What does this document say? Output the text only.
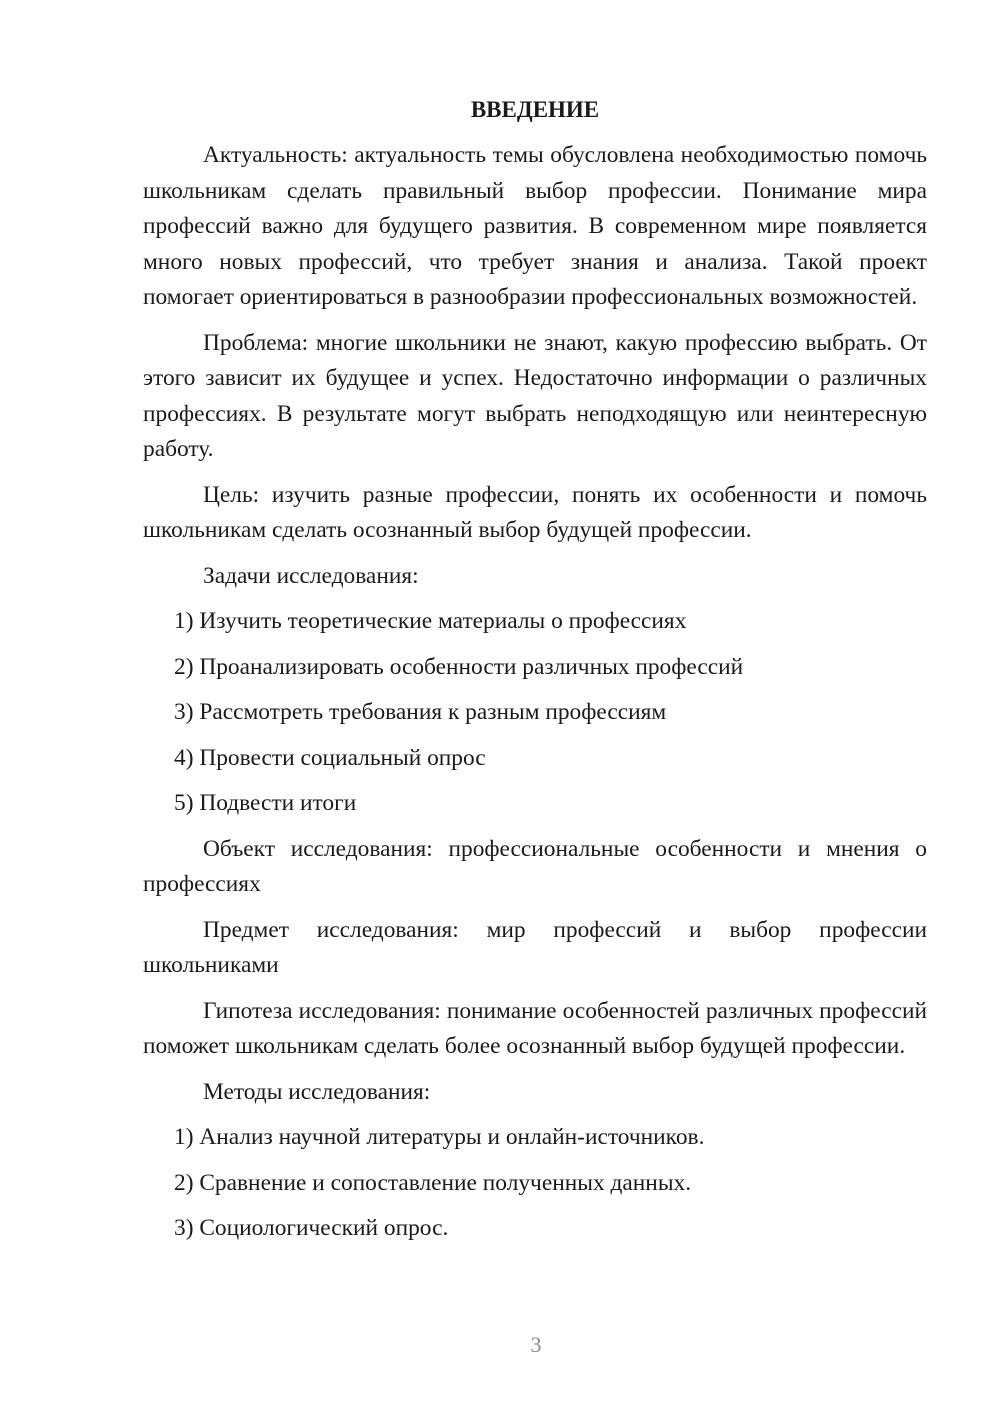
ВВЕДЕНИЕ

Актуальность: актуальность темы обусловлена необходимостью помочь школьникам сделать правильный выбор профессии. Понимание мира профессий важно для будущего развития. В современном мире появляется много новых профессий, что требует знания и анализа. Такой проект помогает ориентироваться в разнообразии профессиональных возможностей.

Проблема: многие школьники не знают, какую профессию выбрать. От этого зависит их будущее и успех. Недостаточно информации о различных профессиях. В результате могут выбрать неподходящую или неинтересную работу.

Цель: изучить разные профессии, понять их особенности и помочь школьникам сделать осознанный выбор будущей профессии.

Задачи исследования:

1) Изучить теоретические материалы о профессиях
2) Проанализировать особенности различных профессий
3) Рассмотреть требования к разным профессиям
4) Провести социальный опрос
5) Подвести итоги

Объект исследования: профессиональные особенности и мнения о профессиях

Предмет исследования: мир профессий и выбор профессии школьниками

Гипотеза исследования: понимание особенностей различных профессий поможет школьникам сделать более осознанный выбор будущей профессии.

Методы исследования:

1) Анализ научной литературы и онлайн-источников.
2) Сравнение и сопоставление полученных данных.
3) Социологический опрос.
3
